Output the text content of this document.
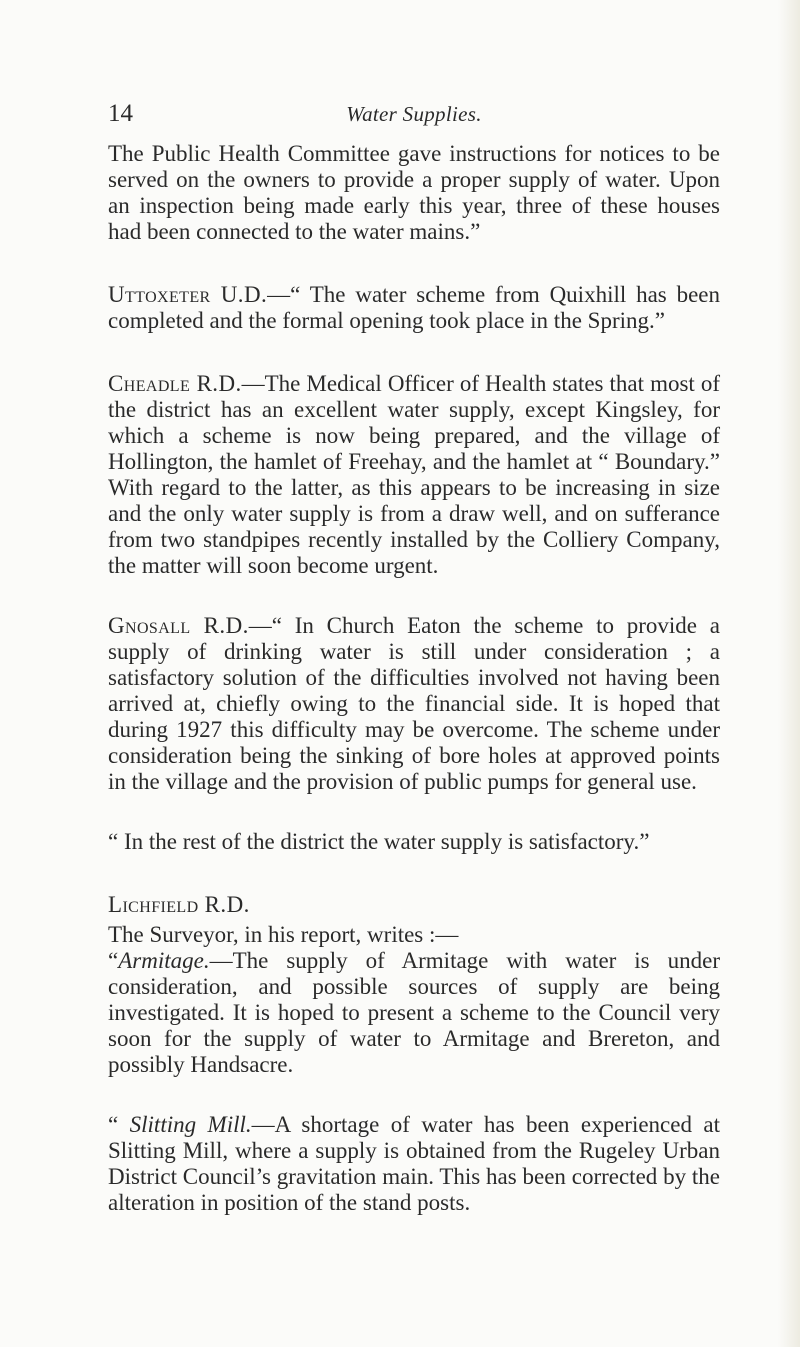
14	Water Supplies.

The Public Health Committee gave instructions for notices to be served on the owners to provide a proper supply of water. Upon an inspection being made early this year, three of these houses had been connected to the water mains.”

Uttoxeter U.D.—“ The water scheme from Quixhill has been completed and the formal opening took place in the Spring.”

Cheadle R.D.—The Medical Officer of Health states that most of the district has an excellent water supply, except Kingsley, for which a scheme is now being prepared, and the village of Hollington, the hamlet of Freehay, and the hamlet at “ Boundary.” With regard to the latter, as this appears to be increasing in size and the only water supply is from a draw well, and on sufferance from two standpipes recently installed by the Colliery Company, the matter will soon become urgent.

Gnosall R.D.—“ In Church Eaton the scheme to provide a supply of drinking water is still under consideration ; a satisfactory solution of the difficulties involved not having been arrived at, chiefly owing to the financial side. It is hoped that during 1927 this difficulty may be overcome. The scheme under consideration being the sinking of bore holes at approved points in the village and the provision of public pumps for general use.

“ In the rest of the district the water supply is satisfactory.”

Lichfield R.D.

The Surveyor, in his report, writes :—

“Armitage.—The supply of Armitage with water is under consideration, and possible sources of supply are being investigated. It is hoped to present a scheme to the Council very soon for the supply of water to Armitage and Brereton, and possibly Handsacre.

“ Slitting Mill.—A shortage of water has been experienced at Slitting Mill, where a supply is obtained from the Rugeley Urban District Council’s gravitation main. This has been corrected by the alteration in position of the stand posts.
